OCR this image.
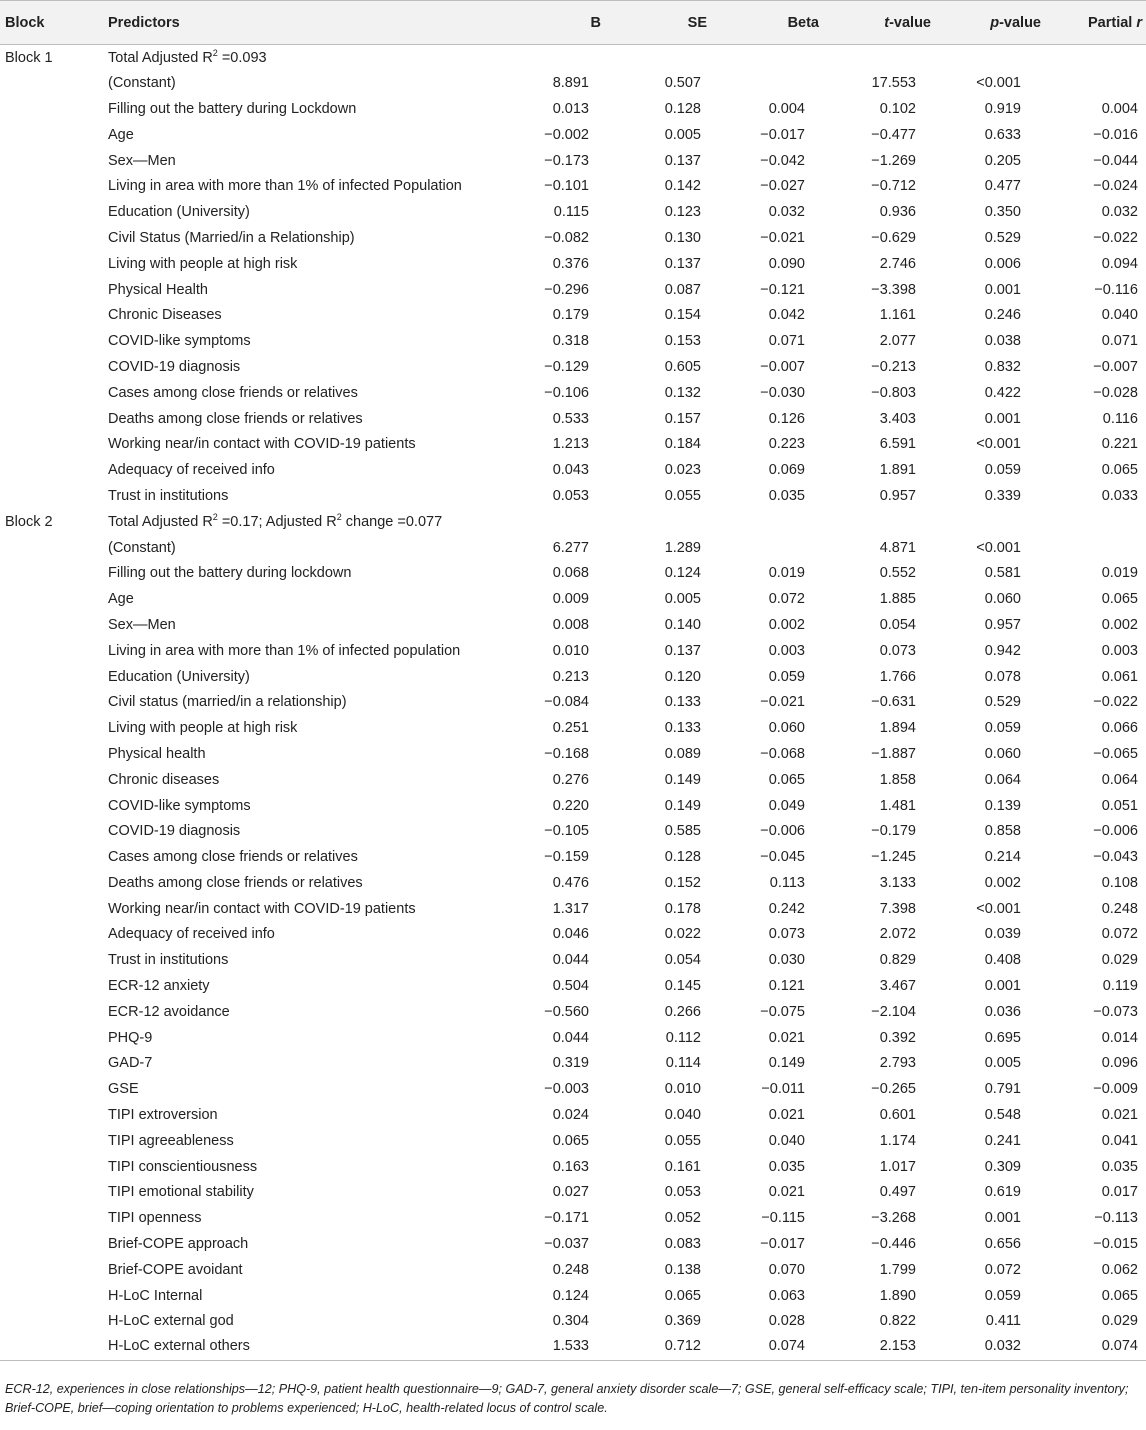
Block	Predictors	B	SE	Beta	t-value	p-value	Partial r
Block 1	Total Adjusted $R^2 =0.093$						
	(Constant)	8.891	0.507		17.553	<0.001	
	Filling out the battery during Lockdown	0.013	0.128	0.004	0.102	0.919	0.004
	Age	−0.002	0.005	−0.017	−0.477	0.633	−0.016
	Sex—Men	−0.173	0.137	−0.042	−1.269	0.205	−0.044
	Living in area with more than 1% of infected Population	−0.101	0.142	−0.027	−0.712	0.477	−0.024
	Education (University)	0.115	0.123	0.032	0.936	0.350	0.032
	Civil Status (Married/in a Relationship)	−0.082	0.130	−0.021	−0.629	0.529	−0.022
	Living with people at high risk	0.376	0.137	0.090	2.746	0.006	0.094
	Physical Health	−0.296	0.087	−0.121	−3.398	0.001	−0.116
	Chronic Diseases	0.179	0.154	0.042	1.161	0.246	0.040
	COVID-like symptoms	0.318	0.153	0.071	2.077	0.038	0.071
	COVID-19 diagnosis	−0.129	0.605	−0.007	−0.213	0.832	−0.007
	Cases among close friends or relatives	−0.106	0.132	−0.030	−0.803	0.422	−0.028
	Deaths among close friends or relatives	0.533	0.157	0.126	3.403	0.001	0.116
	Working near/in contact with COVID-19 patients	1.213	0.184	0.223	6.591	<0.001	0.221
	Adequacy of received info	0.043	0.023	0.069	1.891	0.059	0.065
	Trust in institutions	0.053	0.055	0.035	0.957	0.339	0.033
Block 2	Total Adjusted $R^2 =0.17$; Adjusted $R^2$ change =0.077						
	(Constant)	6.277	1.289		4.871	<0.001	
	Filling out the battery during lockdown	0.068	0.124	0.019	0.552	0.581	0.019
	Age	0.009	0.005	0.072	1.885	0.060	0.065
	Sex—Men	0.008	0.140	0.002	0.054	0.957	0.002
	Living in area with more than 1% of infected population	0.010	0.137	0.003	0.073	0.942	0.003
	Education (University)	0.213	0.120	0.059	1.766	0.078	0.061
	Civil status (married/in a relationship)	−0.084	0.133	−0.021	−0.631	0.529	−0.022
	Living with people at high risk	0.251	0.133	0.060	1.894	0.059	0.066
	Physical health	−0.168	0.089	−0.068	−1.887	0.060	−0.065
	Chronic diseases	0.276	0.149	0.065	1.858	0.064	0.064
	COVID-like symptoms	0.220	0.149	0.049	1.481	0.139	0.051
	COVID-19 diagnosis	−0.105	0.585	−0.006	−0.179	0.858	−0.006
	Cases among close friends or relatives	−0.159	0.128	−0.045	−1.245	0.214	−0.043
	Deaths among close friends or relatives	0.476	0.152	0.113	3.133	0.002	0.108
	Working near/in contact with COVID-19 patients	1.317	0.178	0.242	7.398	<0.001	0.248
	Adequacy of received info	0.046	0.022	0.073	2.072	0.039	0.072
	Trust in institutions	0.044	0.054	0.030	0.829	0.408	0.029
	ECR-12 anxiety	0.504	0.145	0.121	3.467	0.001	0.119
	ECR-12 avoidance	−0.560	0.266	−0.075	−2.104	0.036	−0.073
	PHQ-9	0.044	0.112	0.021	0.392	0.695	0.014
	GAD-7	0.319	0.114	0.149	2.793	0.005	0.096
	GSE	−0.003	0.010	−0.011	−0.265	0.791	−0.009
	TIPI extroversion	0.024	0.040	0.021	0.601	0.548	0.021
	TIPI agreeableness	0.065	0.055	0.040	1.174	0.241	0.041
	TIPI conscientiousness	0.163	0.161	0.035	1.017	0.309	0.035
	TIPI emotional stability	0.027	0.053	0.021	0.497	0.619	0.017
	TIPI openness	−0.171	0.052	−0.115	−3.268	0.001	−0.113
	Brief-COPE approach	−0.037	0.083	−0.017	−0.446	0.656	−0.015
	Brief-COPE avoidant	0.248	0.138	0.070	1.799	0.072	0.062
	H-LoC Internal	0.124	0.065	0.063	1.890	0.059	0.065
	H-LoC external god	0.304	0.369	0.028	0.822	0.411	0.029
	H-LoC external others	1.533	0.712	0.074	2.153	0.032	0.074
ECR-12, experiences in close relationships—12; PHQ-9, patient health questionnaire—9; GAD-7, general anxiety disorder scale—7; GSE, general self-efficacy scale; TIPI, ten-item personality inventory; Brief-COPE, brief—coping orientation to problems experienced; H-LoC, health-related locus of control scale.
